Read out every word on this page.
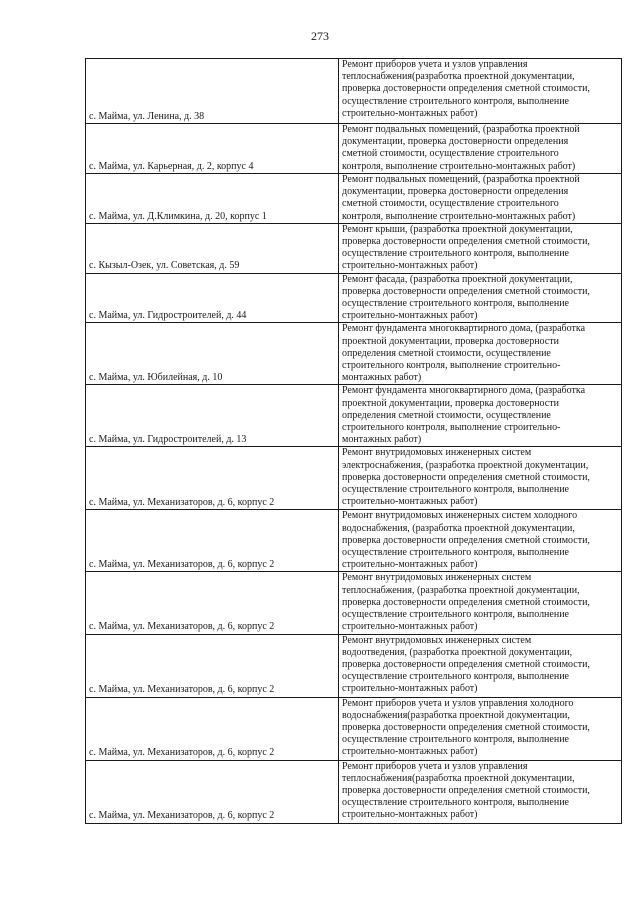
273
с. Майма, ул. Ленина, д. 38	Ремонт приборов учета и узлов управления
теплоснабжения(разработка проектной документации,
проверка достоверности определения сметной стоимости,
осуществление строительного контроля, выполнение
строительно-монтажных работ)

с. Майма, ул. Карьерная, д. 2, корпус 4	Ремонт подвальных помещений, (разработка проектной
документации, проверка достоверности определения
сметной стоимости, осуществление строительного
контроля, выполнение строительно-монтажных работ)

с. Майма, ул. Д.Климкина, д. 20, корпус 1	Ремонт подвальных помещений, (разработка проектной
документации, проверка достоверности определения
сметной стоимости, осуществление строительного
контроля, выполнение строительно-монтажных работ)

с. Кызыл-Озек, ул. Советская, д. 59	Ремонт крыши, (разработка проектной документации,
проверка достоверности определения сметной стоимости,
осуществление строительного контроля, выполнение
строительно-монтажных работ)

с. Майма, ул. Гидростроителей, д. 44	Ремонт фасада, (разработка проектной документации,
проверка достоверности определения сметной стоимости,
осуществление строительного контроля, выполнение
строительно-монтажных работ)

с. Майма, ул. Юбилейная, д. 10	Ремонт фундамента многоквартирного дома, (разработка
проектной документации, проверка достоверности
определения сметной стоимости, осуществление
строительного контроля, выполнение строительно-
монтажных работ)

с. Майма, ул. Гидростроителей, д. 13	Ремонт фундамента многоквартирного дома, (разработка
проектной документации, проверка достоверности
определения сметной стоимости, осуществление
строительного контроля, выполнение строительно-
монтажных работ)

с. Майма, ул. Механизаторов, д. 6, корпус 2	Ремонт внутридомовых инженерных систем
электроснабжения, (разработка проектной документации,
проверка достоверности определения сметной стоимости,
осуществление строительного контроля, выполнение
строительно-монтажных работ)

с. Майма, ул. Механизаторов, д. 6, корпус 2	Ремонт внутридомовых инженерных систем холодного
водоснабжения, (разработка проектной документации,
проверка достоверности определения сметной стоимости,
осуществление строительного контроля, выполнение
строительно-монтажных работ)

с. Майма, ул. Механизаторов, д. 6, корпус 2	Ремонт внутридомовых инженерных систем
теплоснабжения, (разработка проектной документации,
проверка достоверности определения сметной стоимости,
осуществление строительного контроля, выполнение
строительно-монтажных работ)

с. Майма, ул. Механизаторов, д. 6, корпус 2	Ремонт внутридомовых инженерных систем
водоотведения, (разработка проектной документации,
проверка достоверности определения сметной стоимости,
осуществление строительного контроля, выполнение
строительно-монтажных работ)

с. Майма, ул. Механизаторов, д. 6, корпус 2	Ремонт приборов учета и узлов управления холодного
водоснабжения(разработка проектной документации,
проверка достоверности определения сметной стоимости,
осуществление строительного контроля, выполнение
строительно-монтажных работ)

с. Майма, ул. Механизаторов, д. 6, корпус 2	Ремонт приборов учета и узлов управления
теплоснабжения(разработка проектной документации,
проверка достоверности определения сметной стоимости,
осуществление строительного контроля, выполнение
строительно-монтажных работ)
